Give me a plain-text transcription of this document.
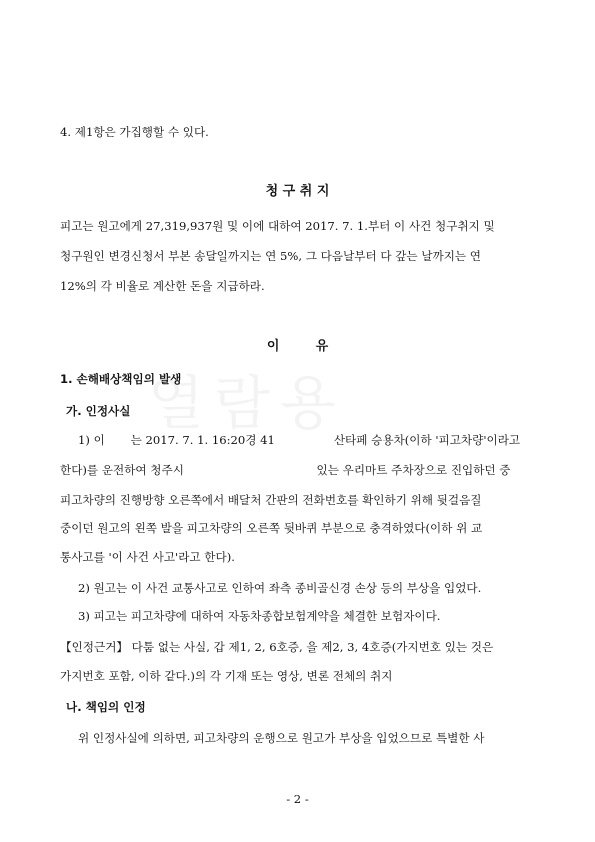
4. 제1항은 가집행할 수 있다.
청 구 취 지
피고는 원고에게 27,319,937원 및 이에 대하여 2017. 7. 1.부터 이 사건 청구취지 및
청구원인 변경신청서 부본 송달일까지는 연 5%, 그 다음날부터 다 갚는 날까지는 연
12%의 각 비율로 계산한 돈을 지급하라.
이        유
1. 손해배상책임의 발생
가. 인정사실
1) 이       는 2017. 7. 1. 16:20경 41                산타페 승용차(이하 '피고차량'이라고
한다)를 운전하여 청주시                                    있는 우리마트 주차장으로 진입하던 중
피고차량의 진행방향 오른쪽에서 배달처 간판의 전화번호를 확인하기 위해 뒷걸음질
중이던 원고의 왼쪽 발을 피고차량의 오른쪽 뒷바퀴 부분으로 충격하였다(이하 위 교
통사고를 '이 사건 사고'라고 한다).
2) 원고는 이 사건 교통사고로 인하여 좌측 종비골신경 손상 등의 부상을 입었다.
3) 피고는 피고차량에 대하여 자동차종합보험계약을 체결한 보험자이다.
【인정근거】 다툼 없는 사실, 갑 제1, 2, 6호증, 을 제2, 3, 4호증(가지번호 있는 것은
가지번호 포함, 이하 같다.)의 각 기재 또는 영상, 변론 전체의 취지
나. 책임의 인정
위 인정사실에 의하면, 피고차량의 운행으로 원고가 부상을 입었으므로 특별한 사
- 2 -
